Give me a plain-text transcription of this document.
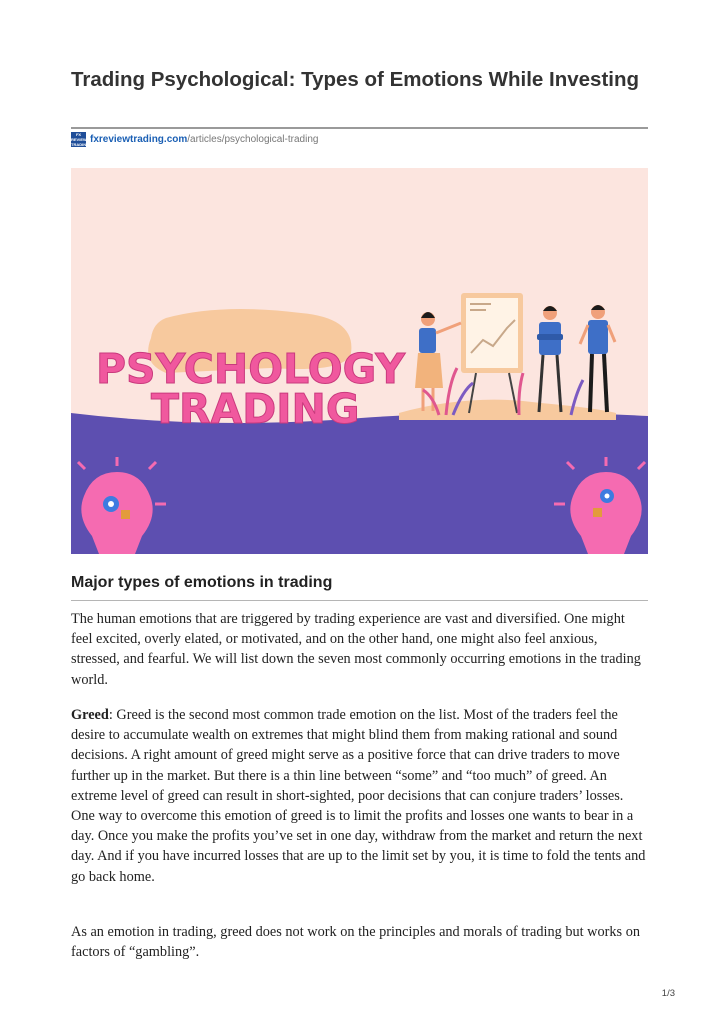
Trading Psychological: Types of Emotions While Investing
FX REVIEW TRADING fxreviewtrading.com/articles/psychological-trading
PSYCHOLOGY
TRADING
Major types of emotions in trading

The human emotions that are triggered by trading experience are vast and diversified. One might feel excited, overly elated, or motivated, and on the other hand, one might also feel anxious, stressed, and fearful. We will list down the seven most commonly occurring emotions in the trading world.

Greed: Greed is the second most common trade emotion on the list. Most of the traders feel the desire to accumulate wealth on extremes that might blind them from making rational and sound decisions. A right amount of greed might serve as a positive force that can drive traders to move further up in the market. But there is a thin line between “some” and “too much” of greed. An extreme level of greed can result in short-sighted, poor decisions that can conjure traders’ losses. One way to overcome this emotion of greed is to limit the profits and losses one wants to bear in a day. Once you make the profits you’ve set in one day, withdraw from the market and return the next day. And if you have incurred losses that are up to the limit set by you, it is time to fold the tents and go back home.

As an emotion in trading, greed does not work on the principles and morals of trading but works on factors of “gambling”.

1/3
